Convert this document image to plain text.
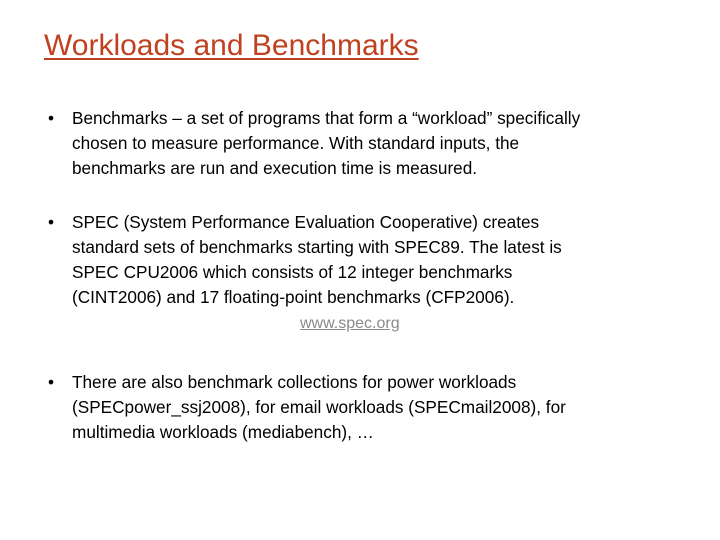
Workloads and Benchmarks
• Benchmarks – a set of programs that form a “workload” specifically
chosen to measure performance. With standard inputs, the
benchmarks are run and execution time is measured.
• SPEC (System Performance Evaluation Cooperative) creates
standard sets of benchmarks starting with SPEC89. The latest is
SPEC CPU2006 which consists of 12 integer benchmarks
(CINT2006) and 17 floating-point benchmarks (CFP2006).
www.spec.org
• There are also benchmark collections for power workloads
(SPECpower_ssj2008), for email workloads (SPECmail2008), for
multimedia workloads (mediabench), …
